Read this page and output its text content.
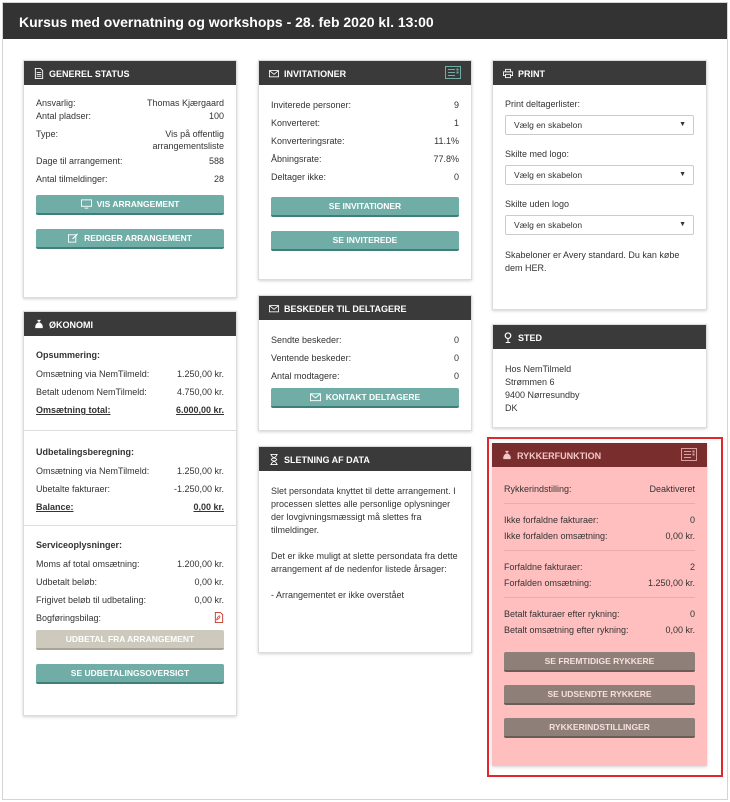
Kursus med overnatning og workshops - 28. feb 2020 kl. 13:00
GENEREL STATUS
Ansvarlig:	Thomas Kjærgaard
Antal pladser:	100
Type:	Vis på offentlig arrangementsliste
Dage til arrangement:	588
Antal tilmeldinger:	28
VIS ARRANGEMENT
REDIGER ARRANGEMENT
ØKONOMI
Opsummering:
Omsætning via NemTilmeld:	1.250,00 kr.
Betalt udenom NemTilmeld:	4.750,00 kr.
Omsætning total:	6.000,00 kr.
Udbetalingsberegning:
Omsætning via NemTilmeld:	1.250,00 kr.
Ubetalte fakturaer:	-1.250,00 kr.
Balance:	0,00 kr.
Serviceoplysninger:
Moms af total omsætning:	1.200,00 kr.
Udbetalt beløb:	0,00 kr.
Frigivet beløb til udbetaling:	0,00 kr.
Bogføringsbilag:
UDBETAL FRA ARRANGEMENT
SE UDBETALINGSOVERSIGT
INVITATIONER
Inviterede personer:	9
Konverteret:	1
Konverteringsrate:	11.1%
Åbningsrate:	77.8%
Deltager ikke:	0
SE INVITATIONER
SE INVITEREDE
BESKEDER TIL DELTAGERE
Sendte beskeder:	0
Ventende beskeder:	0
Antal modtagere:	0
KONTAKT DELTAGERE
SLETNING AF DATA

Slet persondata knyttet til dette arrangement. I processen slettes alle personlige oplysninger der lovgivningsmæssigt må slettes fra tilmeldinger.

Det er ikke muligt at slette persondata fra dette arrangement af de nedenfor listede årsager:

- Arrangementet er ikke overstået

PRINT
Print deltagerlister:
Vælg en skabelon	▼
Skilte med logo:
Vælg en skabelon	▼
Skilte uden logo
Vælg en skabelon	▼

Skabeloner er Avery standard. Du kan købe dem HER.

STED
Hos NemTilmeld
Strømmen 6
9400 Nørresundby
DK
RYKKERFUNKTION
Rykkerindstilling:	Deaktiveret
Ikke forfaldne fakturaer:	0
Ikke forfalden omsætning:	0,00 kr.
Forfaldne fakturaer:	2
Forfalden omsætning:	1.250,00 kr.
Betalt fakturaer efter rykning:	0
Betalt omsætning efter rykning:	0,00 kr.
SE FREMTIDIGE RYKKERE
SE UDSENDTE RYKKERE
RYKKERINDSTILLINGER
